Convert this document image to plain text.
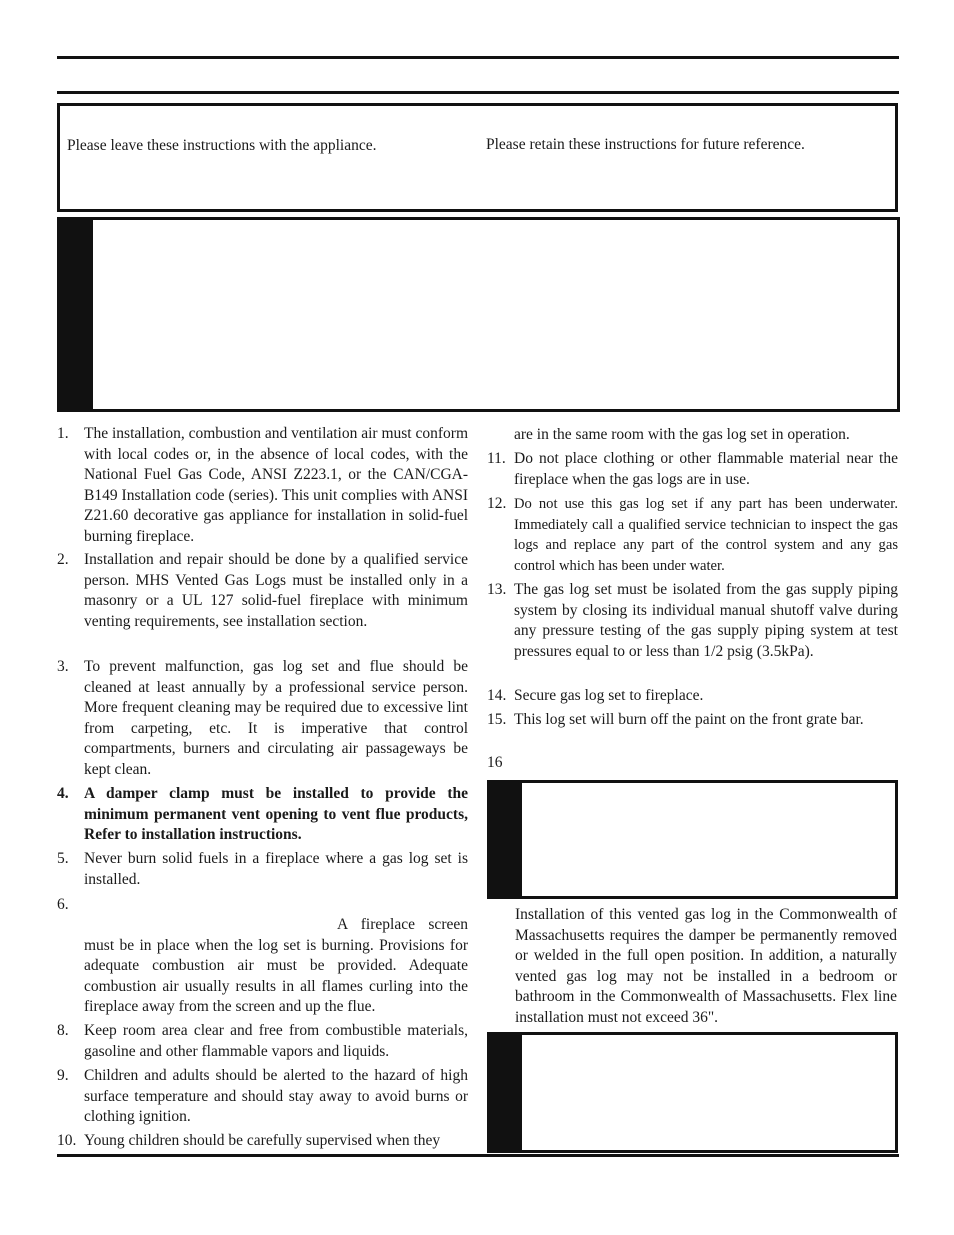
Please leave these instructions with the appliance.	Please retain these instructions for future reference.
1. The installation, combustion and ventilation air must conform with local codes or, in the absence of local codes, with the National Fuel Gas Code, ANSI Z223.1, or the CAN/CGA-B149 Installation code (series). This unit complies with ANSI Z21.60 decorative gas appliance for installation in solid-fuel burning fireplace.
2. Installation and repair should be done by a qualified service person. MHS Vented Gas Logs must be installed only in a masonry or a UL 127 solid-fuel fireplace with minimum venting requirements, see installation section.
3. To prevent malfunction, gas log set and flue should be cleaned at least annually by a professional service person. More frequent cleaning may be required due to excessive lint from carpeting, etc. It is imperative that control compartments, burners and circulating air passageways be kept clean.
4. A damper clamp must be installed to provide the minimum permanent vent opening to vent flue products, Refer to installation instructions.
5. Never burn solid fuels in a fireplace where a gas log set is installed.
6.
A fireplace screen must be in place when the log set is burning. Provisions for adequate combustion air must be provided. Adequate combustion air usually results in all flames curling into the fireplace away from the screen and up the flue.
8. Keep room area clear and free from combustible materials, gasoline and other flammable vapors and liquids.
9. Children and adults should be alerted to the hazard of high surface temperature and should stay away to avoid burns or clothing ignition.
10. Young children should be carefully supervised when they
are in the same room with the gas log set in operation.
11. Do not place clothing or other flammable material near the fireplace when the gas logs are in use.
12. Do not use this gas log set if any part has been underwater. Immediately call a qualified service technician to inspect the gas logs and replace any part of the control system and any gas control which has been under water.
13. The gas log set must be isolated from the gas supply piping system by closing its individual manual shutoff valve during any pressure testing of the gas supply piping system at test pressures equal to or less than 1/2 psig (3.5kPa).
14. Secure gas log set to fireplace.
15. This log set will burn off the paint on the front grate bar.
16
Installation of this vented gas log in the Commonwealth of Massachusetts requires the damper be permanently removed or welded in the full open position. In addition, a naturally vented gas log may not be installed in a bedroom or bathroom in the Commonwealth of Massachusetts. Flex line installation must not exceed 36".
